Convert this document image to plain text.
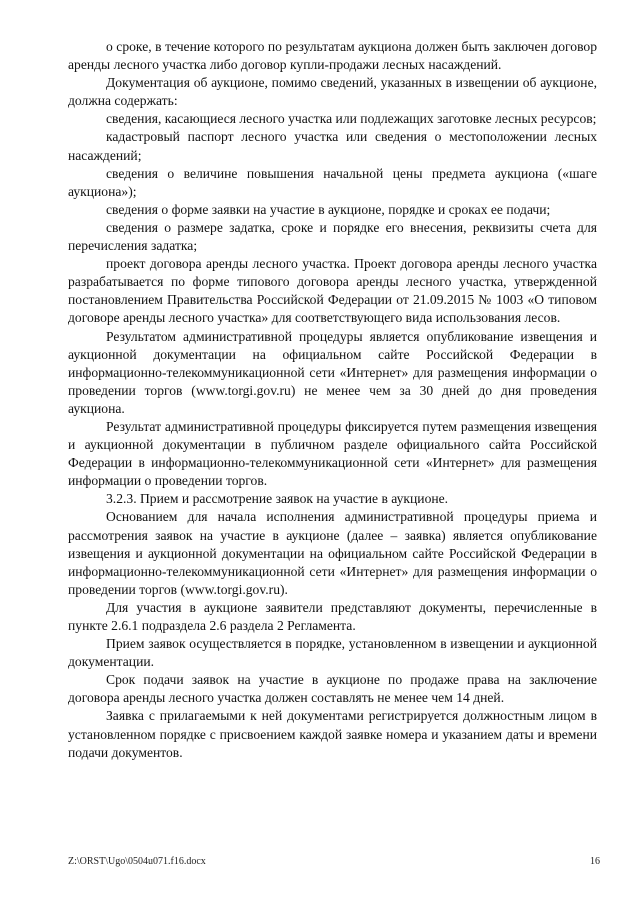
о сроке, в течение которого по результатам аукциона должен быть заключен договор аренды лесного участка либо договор купли-продажи лесных насаждений.

Документация об аукционе, помимо сведений, указанных в извещении об аукционе, должна содержать:

сведения, касающиеся лесного участка или подлежащих заготовке лесных ресурсов;

кадастровый паспорт лесного участка или сведения о местоположении лесных насаждений;

сведения о величине повышения начальной цены предмета аукциона («шаге аукциона»);

сведения о форме заявки на участие в аукционе, порядке и сроках ее подачи;

сведения о размере задатка, сроке и порядке его внесения, реквизиты счета для перечисления задатка;

проект договора аренды лесного участка. Проект договора аренды лесного участка разрабатывается по форме типового договора аренды лесного участка, утвержденной постановлением Правительства Российской Федерации от 21.09.2015 № 1003 «О типовом договоре аренды лесного участка» для соответствующего вида использования лесов.

Результатом административной процедуры является опубликование извещения и аукционной документации на официальном сайте Российской Федерации в информационно-телекоммуникационной сети «Интернет» для размещения информации о проведении торгов (www.torgi.gov.ru) не менее чем за 30 дней до дня проведения аукциона.

Результат административной процедуры фиксируется путем размещения извещения и аукционной документации в публичном разделе официального сайта Российской Федерации в информационно-телекоммуникационной сети «Интернет» для размещения информации о проведении торгов.

3.2.3. Прием и рассмотрение заявок на участие в аукционе.

Основанием для начала исполнения административной процедуры приема и рассмотрения заявок на участие в аукционе (далее – заявка) является опубликование извещения и аукционной документации на официальном сайте Российской Федерации в информационно-телекоммуникационной сети «Интернет» для размещения информации о проведении торгов (www.torgi.gov.ru).

Для участия в аукционе заявители представляют документы, перечисленные в пункте 2.6.1 подраздела 2.6 раздела 2 Регламента.

Прием заявок осуществляется в порядке, установленном в извещении и аукционной документации.

Срок подачи заявок на участие в аукционе по продаже права на заключение договора аренды лесного участка должен составлять не менее чем 14 дней.

Заявка с прилагаемыми к ней документами регистрируется должностным лицом в установленном порядке с присвоением каждой заявке номера и указанием даты и времени подачи документов.

Z:\ORST\Ugo\0504u071.f16.docx	16
